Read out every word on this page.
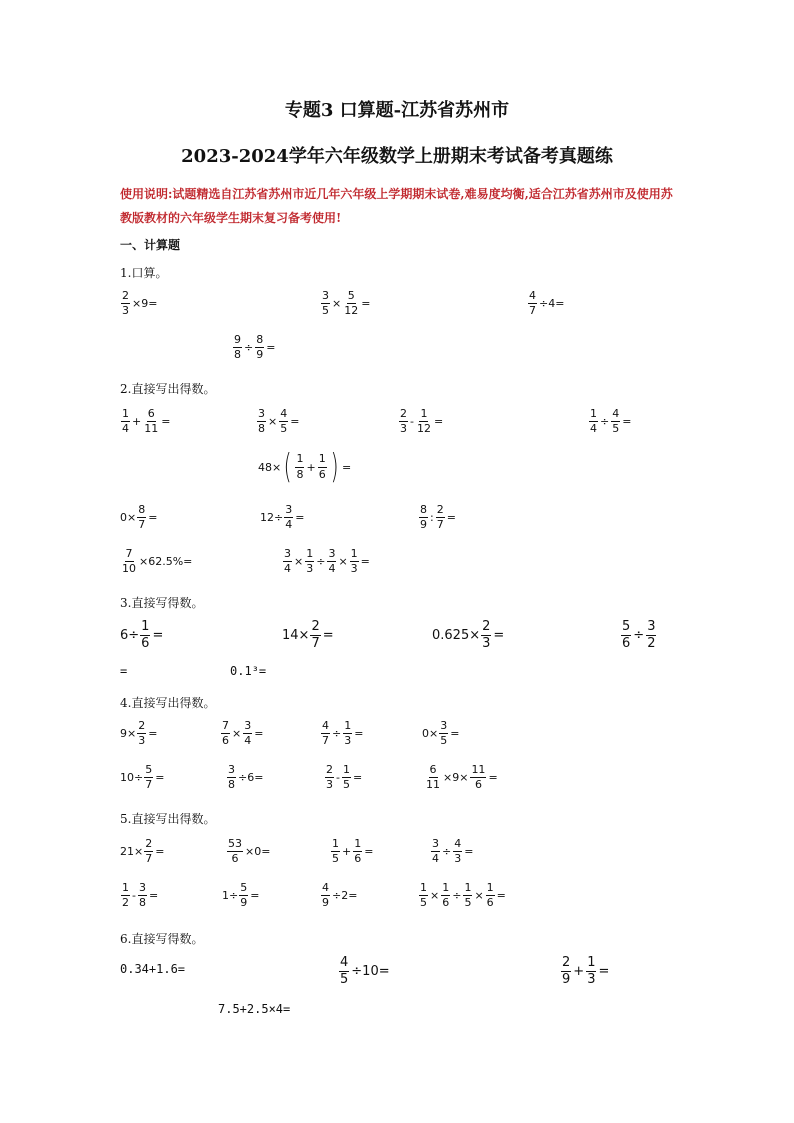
专题3 口算题-江苏省苏州市
2023-2024学年六年级数学上册期末考试备考真题练
使用说明:试题精选自江苏省苏州市近几年六年级上学期期末试卷,难易度均衡,适合江苏省苏州市及使用苏教版教材的六年级学生期末复习备考使用!
一、计算题
1.口算。
$\frac{2}{3} \times 9=$	$\frac{3}{5} \times \frac{5}{12}$ =	$\frac{4}{7} \div 4=$
$\frac{9}{8} \div \frac{8}{9}$ =
2.直接写出得数。
$\frac{1}{4} + \frac{6}{11}$ =	$\frac{3}{8} \times \frac{4}{5}$ =	$\frac{2}{3} - \frac{1}{12}$ =	$\frac{1}{4} \div \frac{4}{5}$ =
48× ( $\frac{1}{8} + \frac{1}{6}$ ) =
$0\times \frac{8}{7}$ =	$12\div \frac{3}{4}$ =	$\frac{8}{9}$ : $\frac{2}{7}$ =
$\frac{7}{10} \times 62.5\%=$	$\frac{3}{4} \times \frac{1}{3} \div \frac{3}{4} \times \frac{1}{3}$ =
3.直接写得数。
$6\div \frac{1}{6}$ =	$14\times \frac{2}{7}$ =	$0.625\times \frac{2}{3}$ =	$\frac{5}{6} \div \frac{3}{2}$
=	0.1³=
4.直接写出得数。
$9\times \frac{2}{3}$ =	$\frac{7}{6} \times \frac{3}{4}$ =	$\frac{4}{7} \div \frac{1}{3}$ =	$0\times \frac{3}{5}$ =
$10\div \frac{5}{7}$ =	$\frac{3}{8} \div 6=$	$\frac{2}{3} - \frac{1}{5}$ =	$\frac{6}{11} \times 9\times \frac{11}{6}$ =
5.直接写出得数。
$21\times \frac{2}{7}$ =	$\frac{53}{6} \times 0=$	$\frac{1}{5} + \frac{1}{6}$ =	$\frac{3}{4} \div \frac{4}{3}$ =
$\frac{1}{2} - \frac{3}{8}$ =	$1\div \frac{5}{9}$ =	$\frac{4}{9} \div 2=$	$\frac{1}{5} \times \frac{1}{6} \div \frac{1}{5} \times \frac{1}{6}$ =
6.直接写得数。
0.34+1.6=	$\frac{4}{5} \div 10=$	$\frac{2}{9} + \frac{1}{3}$ =
7.5+2.5×4=
